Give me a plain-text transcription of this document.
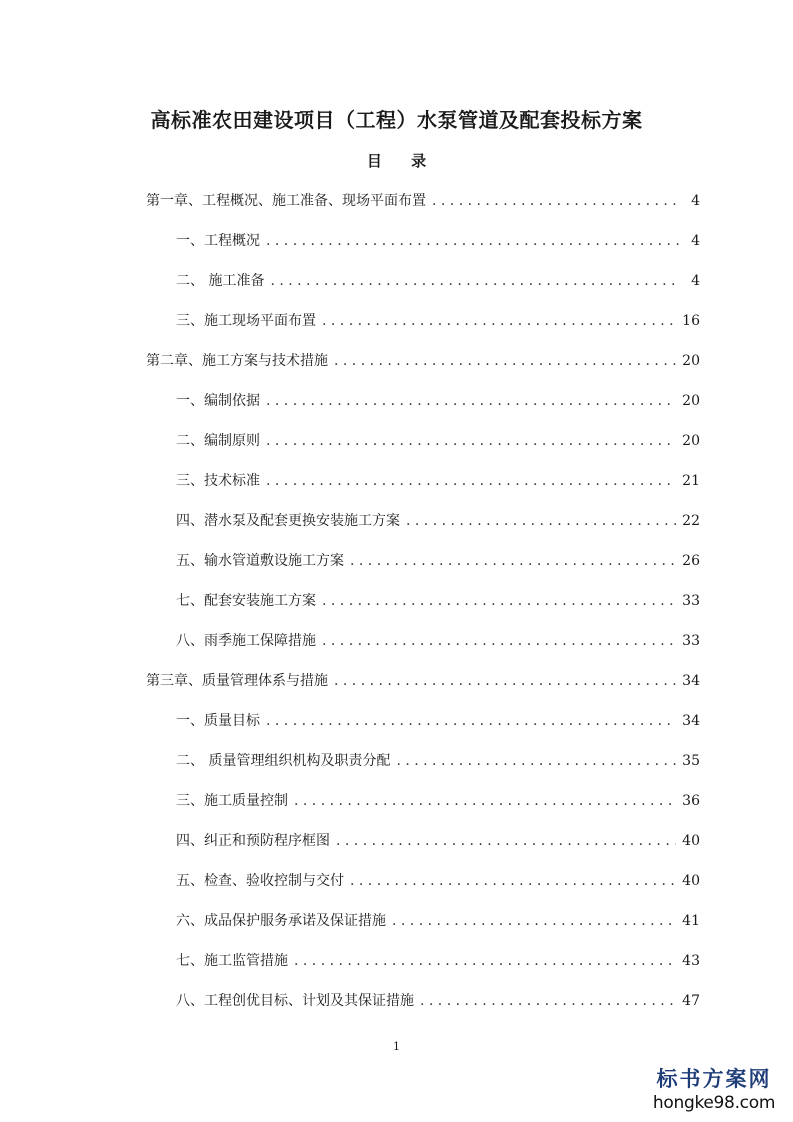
高标准农田建设项目（工程）水泵管道及配套投标方案
目 录
第一章、工程概况、施工准备、现场平面布置 . . .	4
一、工程概况 . . .	4
二、 施工准备 . . .	4
三、施工现场平面布置 . . .	16
第二章、施工方案与技术措施 . . .	20
一、编制依据 . . .	20
二、编制原则 . . .	20
三、技术标准 . . .	21
四、潜水泵及配套更换安装施工方案 . . .	22
五、输水管道敷设施工方案 . . .	26
七、配套安装施工方案 . . .	33
八、雨季施工保障措施 . . .	33
第三章、质量管理体系与措施 . . .	34
一、质量目标 . . .	34
二、 质量管理组织机构及职责分配 . . .	35
三、施工质量控制 . . .	36
四、纠正和预防程序框图 . . .	40
五、检查、验收控制与交付 . . .	40
六、成品保护服务承诺及保证措施 . . .	41
七、施工监管措施 . . .	43
八、工程创优目标、计划及其保证措施 . . .	47
1
标书方案网
hongke98.com
